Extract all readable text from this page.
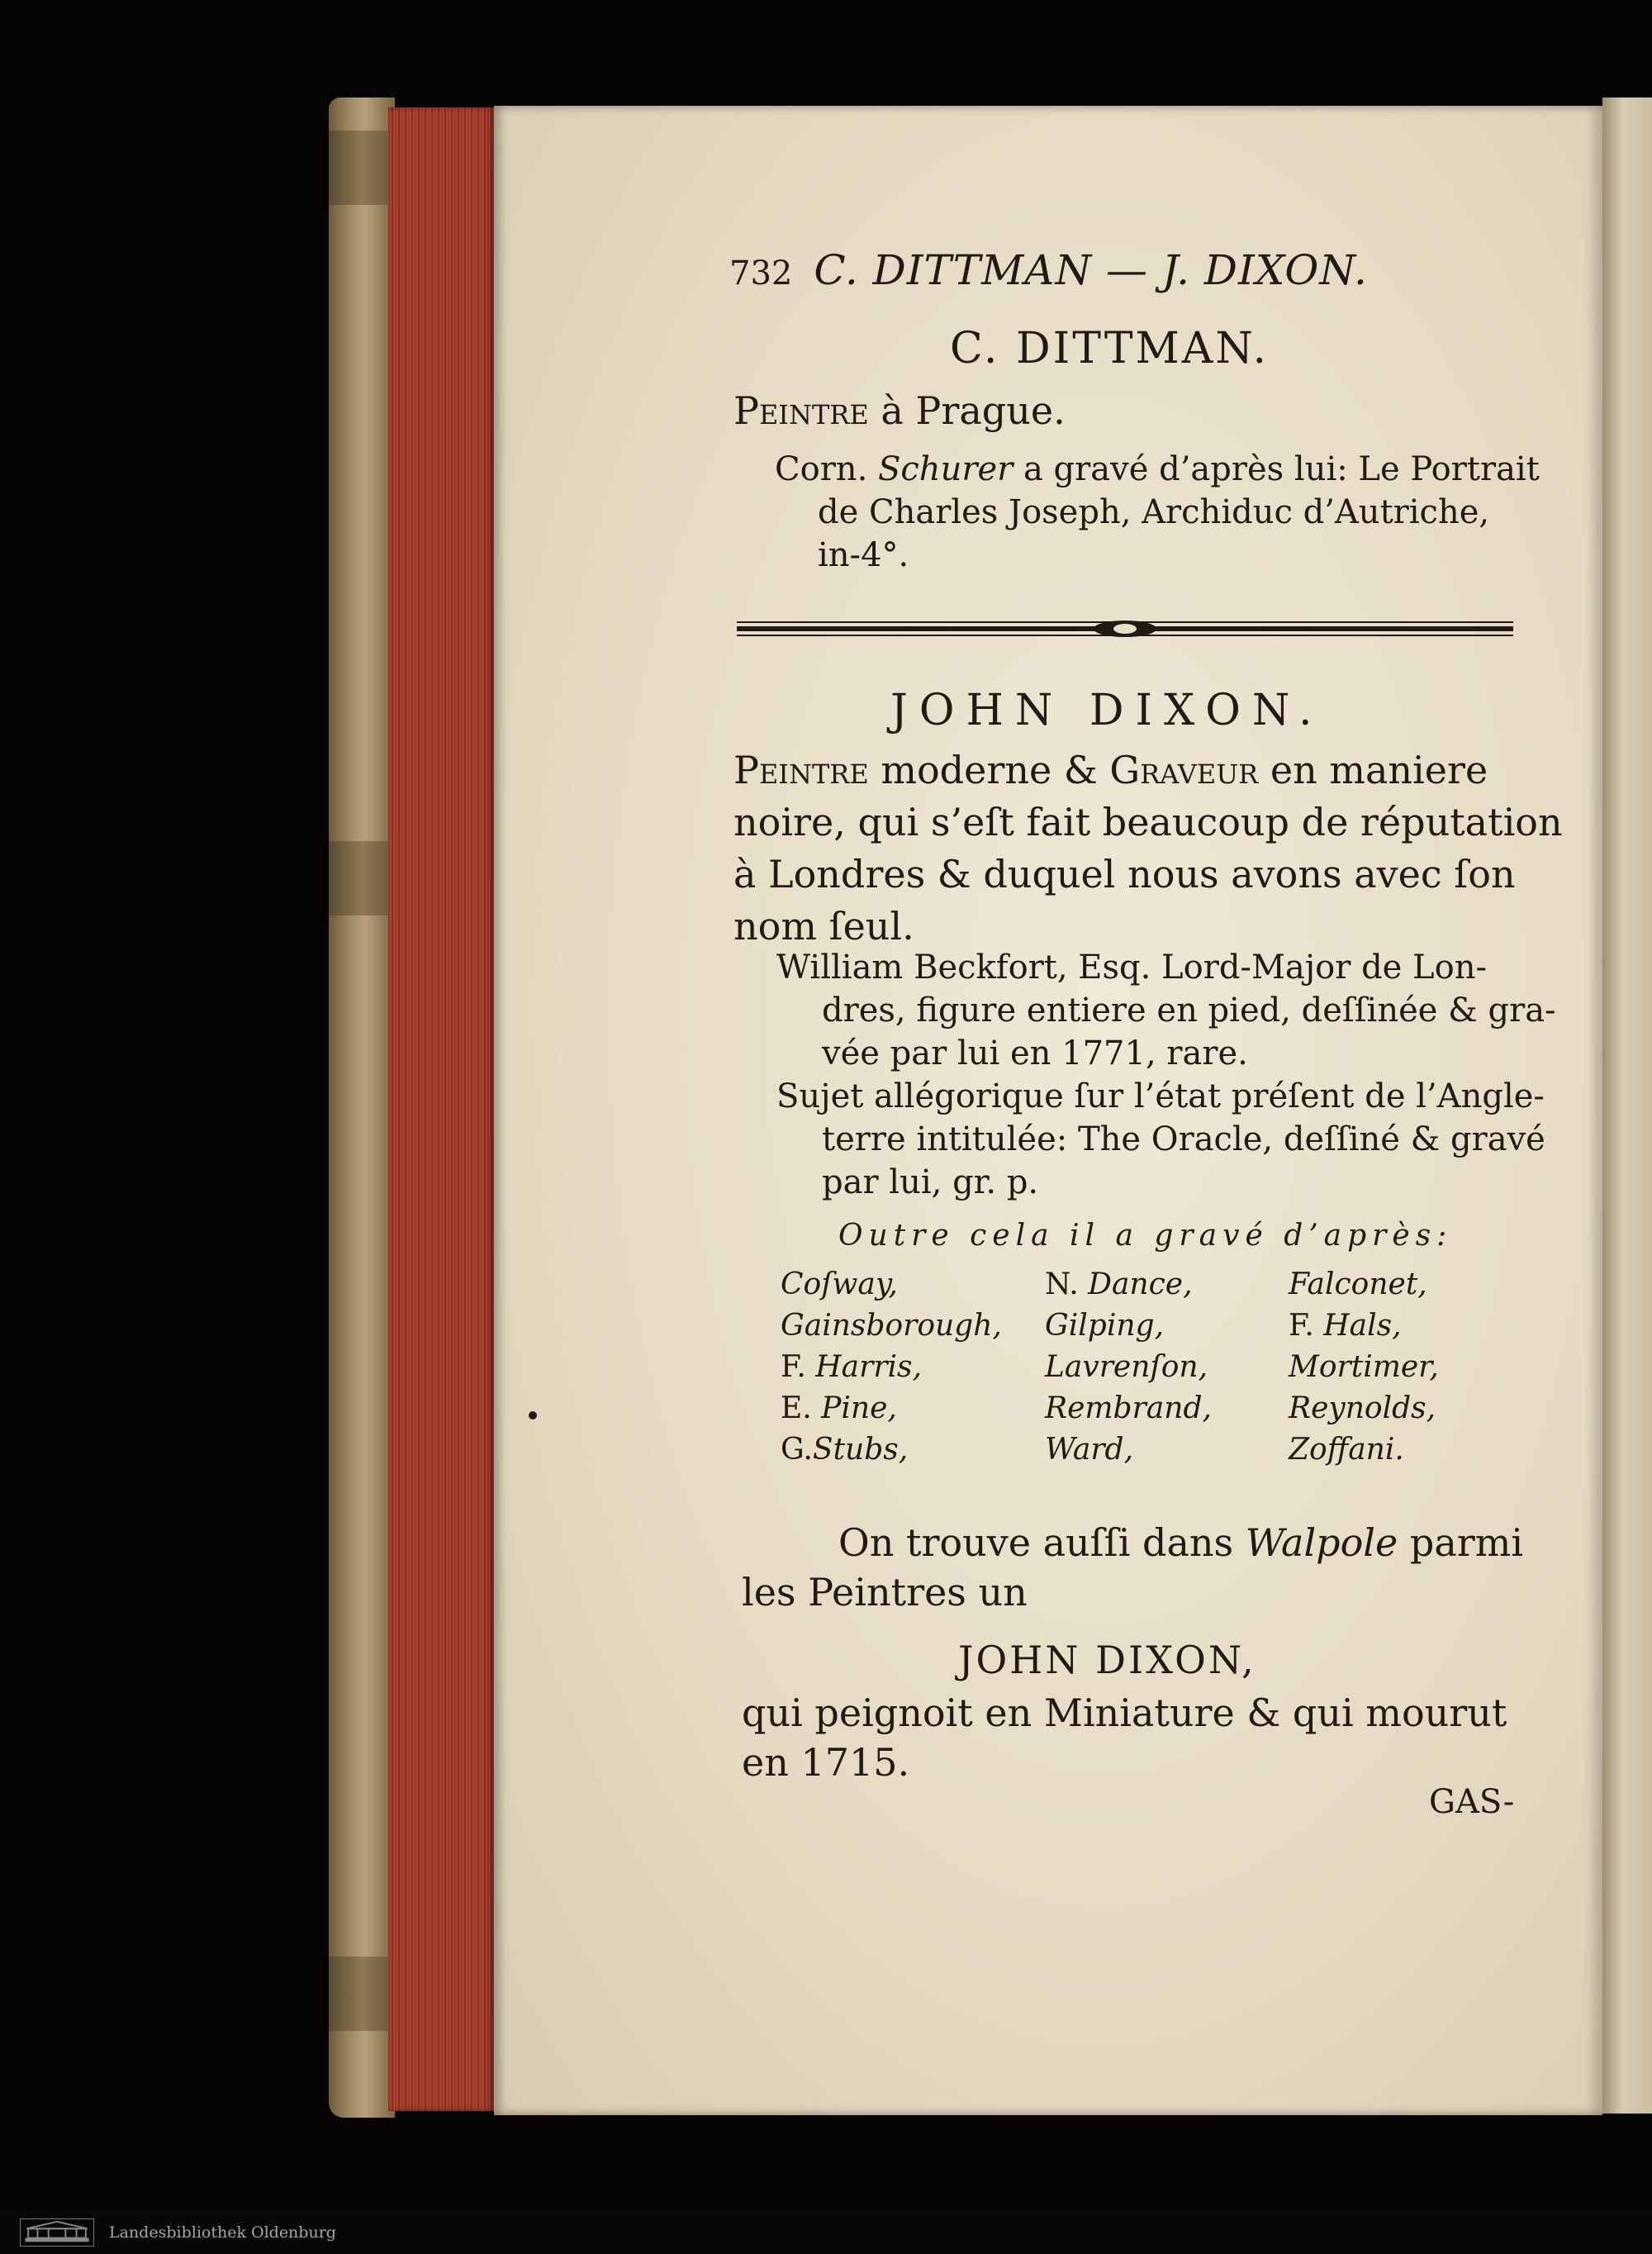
732 C. DITTMAN — J. DIXON.
C. DITTMAN.
Peintre à Prague.
Corn. Schurer a gravé d’après lui: Le Portrait
de Charles Joseph, Archiduc d’Autriche,
in-4°.
JOHN DIXON.
Peintre moderne & Graveur en maniere
noire, qui s’eſt fait beaucoup de réputation
à Londres & duquel nous avons avec ſon
nom ſeul.
William Beckfort, Esq. Lord-Major de Lon-
dres, figure entiere en pied, deſſinée & gra-
vée par lui en 1771, rare.
Sujet allégorique ſur l’état préſent de l’Angle-
terre intitulée: The Oracle, deſſiné & gravé
par lui, gr. p.
Outre cela il a gravé d’après:
Coſway,
Gainsborough,
F. Harris,
E. Pine,
G.Stubs,
N. Dance,
Gilping,
Lavrenſon,
Rembrand,
Ward,
Falconet,
F. Hals,
Mortimer,
Reynolds,
Zoffani.
On trouve auſſi dans Walpole parmi
les Peintres un
JOHN DIXON,
qui peignoit en Miniature & qui mourut
en 1715.
GAS-
Landesbibliothek Oldenburg
